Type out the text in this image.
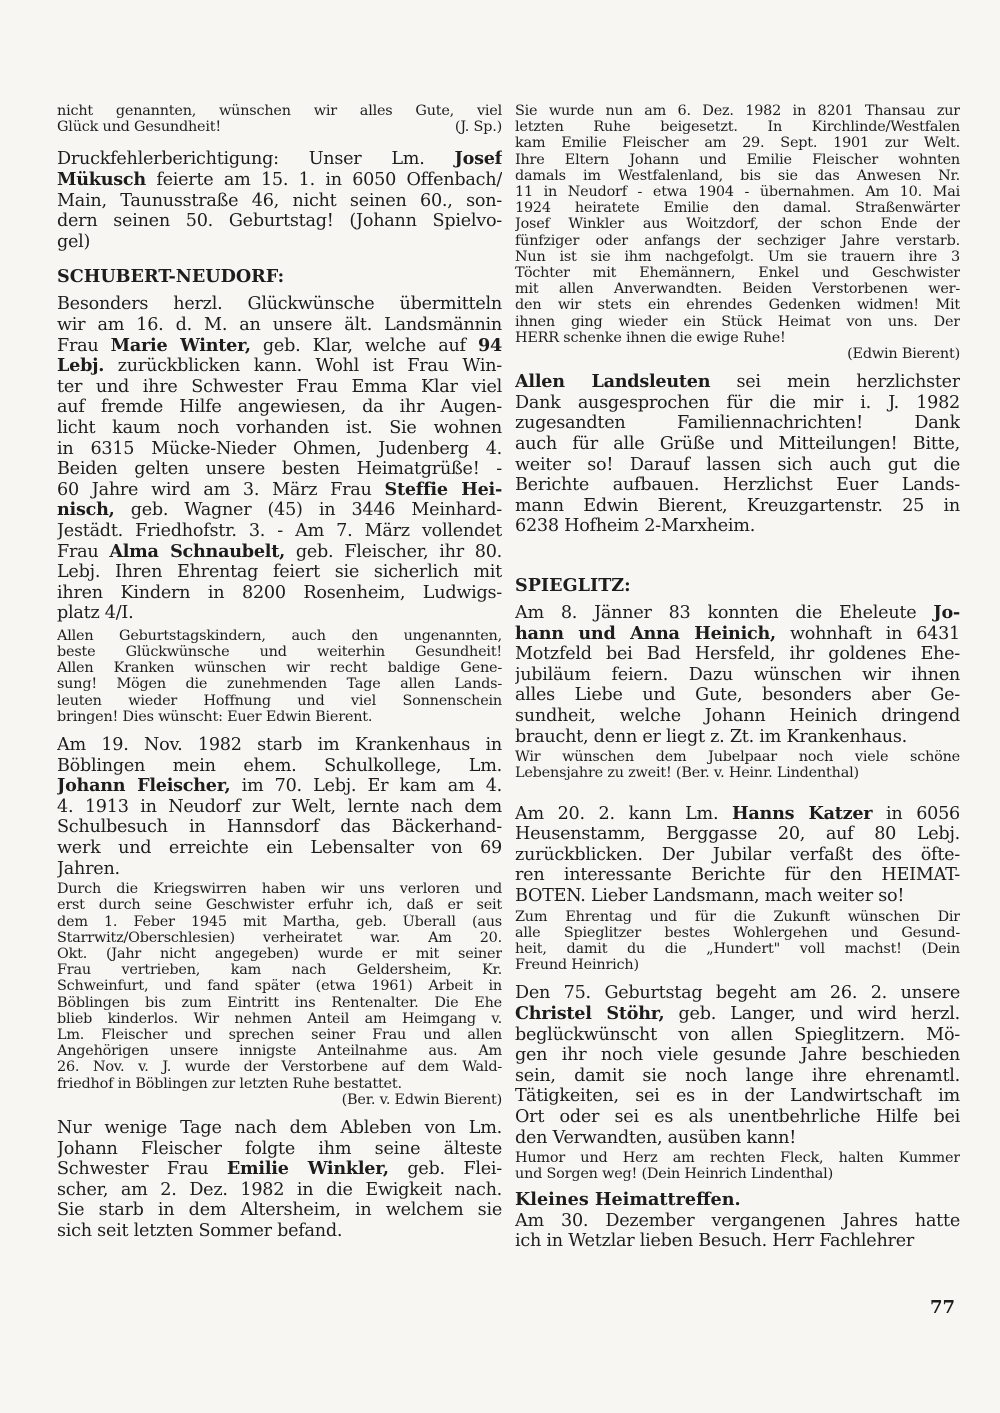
nicht genannten, wünschen wir alles Gute, viel
Glück und Gesundheit!	(J. Sp.)
Druckfehlerberichtigung: Unser Lm. Josef
Mükusch feierte am 15. 1. in 6050 Offenbach/
Main, Taunusstraße 46, nicht seinen 60., son-
dern seinen 50. Geburtstag! (Johann Spielvo-
gel)
SCHUBERT-NEUDORF:
Besonders herzl. Glückwünsche übermitteln
wir am 16. d. M. an unsere ält. Landsmännin
Frau Marie Winter, geb. Klar, welche auf 94
Lebj. zurückblicken kann. Wohl ist Frau Win-
ter und ihre Schwester Frau Emma Klar viel
auf fremde Hilfe angewiesen, da ihr Augen-
licht kaum noch vorhanden ist. Sie wohnen
in 6315 Mücke-Nieder Ohmen, Judenberg 4.
Beiden gelten unsere besten Heimatgrüße! -
60 Jahre wird am 3. März Frau Steffie Hei-
nisch, geb. Wagner (45) in 3446 Meinhard-
Jestädt. Friedhofstr. 3. - Am 7. März vollendet
Frau Alma Schnaubelt, geb. Fleischer, ihr 80.
Lebj. Ihren Ehrentag feiert sie sicherlich mit
ihren Kindern in 8200 Rosenheim, Ludwigs-
platz 4/I.
Allen Geburtstagskindern, auch den ungenannten,
beste Glückwünsche und weiterhin Gesundheit!
Allen Kranken wünschen wir recht baldige Gene-
sung! Mögen die zunehmenden Tage allen Lands-
leuten wieder Hoffnung und viel Sonnenschein
bringen! Dies wünscht: Euer Edwin Bierent.
Am 19. Nov. 1982 starb im Krankenhaus in
Böblingen mein ehem. Schulkollege, Lm.
Johann Fleischer, im 70. Lebj. Er kam am 4.
4. 1913 in Neudorf zur Welt, lernte nach dem
Schulbesuch in Hannsdorf das Bäckerhand-
werk und erreichte ein Lebensalter von 69
Jahren.
Durch die Kriegswirren haben wir uns verloren und
erst durch seine Geschwister erfuhr ich, daß er seit
dem 1. Feber 1945 mit Martha, geb. Überall (aus
Starrwitz/Oberschlesien) verheiratet war. Am 20.
Okt. (Jahr nicht angegeben) wurde er mit seiner
Frau vertrieben, kam nach Geldersheim, Kr.
Schweinfurt, und fand später (etwa 1961) Arbeit in
Böblingen bis zum Eintritt ins Rentenalter. Die Ehe
blieb kinderlos. Wir nehmen Anteil am Heimgang v.
Lm. Fleischer und sprechen seiner Frau und allen
Angehörigen unsere innigste Anteilnahme aus. Am
26. Nov. v. J. wurde der Verstorbene auf dem Wald-
friedhof in Böblingen zur letzten Ruhe bestattet.
(Ber. v. Edwin Bierent)
Nur wenige Tage nach dem Ableben von Lm.
Johann Fleischer folgte ihm seine älteste
Schwester Frau Emilie Winkler, geb. Flei-
scher, am 2. Dez. 1982 in die Ewigkeit nach.
Sie starb in dem Altersheim, in welchem sie
sich seit letzten Sommer befand.
Sie wurde nun am 6. Dez. 1982 in 8201 Thansau zur
letzten Ruhe beigesetzt. In Kirchlinde/Westfalen
kam Emilie Fleischer am 29. Sept. 1901 zur Welt.
Ihre Eltern Johann und Emilie Fleischer wohnten
damals im Westfalenland, bis sie das Anwesen Nr.
11 in Neudorf - etwa 1904 - übernahmen. Am 10. Mai
1924 heiratete Emilie den damal. Straßenwärter
Josef Winkler aus Woitzdorf, der schon Ende der
fünfziger oder anfangs der sechziger Jahre verstarb.
Nun ist sie ihm nachgefolgt. Um sie trauern ihre 3
Töchter mit Ehemännern, Enkel und Geschwister
mit allen Anverwandten. Beiden Verstorbenen wer-
den wir stets ein ehrendes Gedenken widmen! Mit
ihnen ging wieder ein Stück Heimat von uns. Der
HERR schenke ihnen die ewige Ruhe!
(Edwin Bierent)
Allen Landsleuten sei mein herzlichster
Dank ausgesprochen für die mir i. J. 1982
zugesandten Familiennachrichten! Dank
auch für alle Grüße und Mitteilungen! Bitte,
weiter so! Darauf lassen sich auch gut die
Berichte aufbauen. Herzlichst Euer Lands-
mann Edwin Bierent, Kreuzgartenstr. 25 in
6238 Hofheim 2-Marxheim.
SPIEGLITZ:
Am 8. Jänner 83 konnten die Eheleute Jo-
hann und Anna Heinich, wohnhaft in 6431
Motzfeld bei Bad Hersfeld, ihr goldenes Ehe-
jubiläum feiern. Dazu wünschen wir ihnen
alles Liebe und Gute, besonders aber Ge-
sundheit, welche Johann Heinich dringend
braucht, denn er liegt z. Zt. im Krankenhaus.
Wir wünschen dem Jubelpaar noch viele schöne
Lebensjahre zu zweit! (Ber. v. Heinr. Lindenthal)
Am 20. 2. kann Lm. Hanns Katzer in 6056
Heusenstamm, Berggasse 20, auf 80 Lebj.
zurückblicken. Der Jubilar verfaßt des öfte-
ren interessante Berichte für den HEIMAT-
BOTEN. Lieber Landsmann, mach weiter so!
Zum Ehrentag und für die Zukunft wünschen Dir
alle Spieglitzer bestes Wohlergehen und Gesund-
heit, damit du die „Hundert" voll machst! (Dein
Freund Heinrich)
Den 75. Geburtstag begeht am 26. 2. unsere
Christel Stöhr, geb. Langer, und wird herzl.
beglückwünscht von allen Spieglitzern. Mö-
gen ihr noch viele gesunde Jahre beschieden
sein, damit sie noch lange ihre ehrenamtl.
Tätigkeiten, sei es in der Landwirtschaft im
Ort oder sei es als unentbehrliche Hilfe bei
den Verwandten, ausüben kann!
Humor und Herz am rechten Fleck, halten Kummer
und Sorgen weg! (Dein Heinrich Lindenthal)
Kleines Heimattreffen.
Am 30. Dezember vergangenen Jahres hatte
ich in Wetzlar lieben Besuch. Herr Fachlehrer
77
